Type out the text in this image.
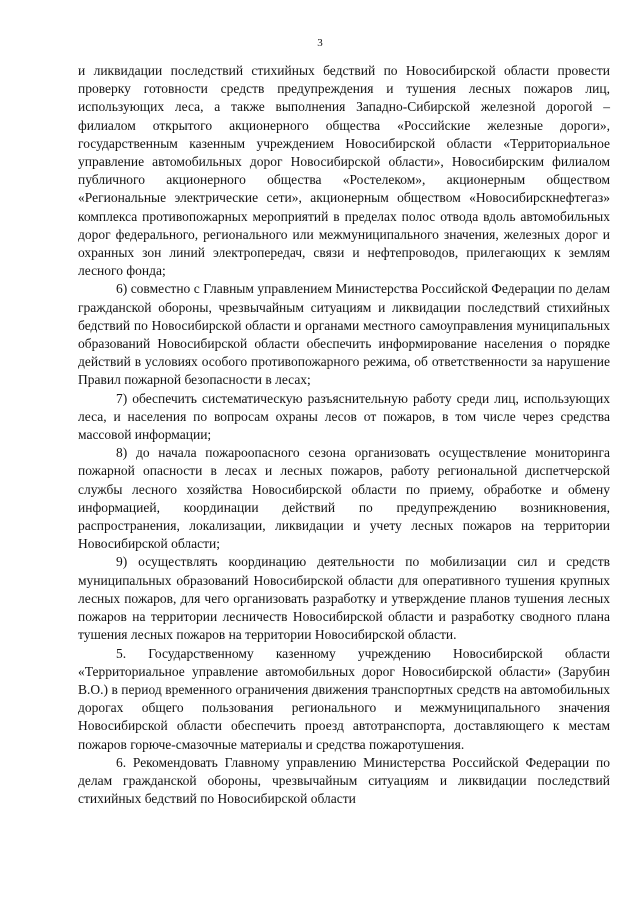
3

и ликвидации последствий стихийных бедствий по Новосибирской области провести проверку готовности средств предупреждения и тушения лесных пожаров лиц, использующих леса, а также выполнения Западно-Сибирской железной дорогой – филиалом открытого акционерного общества «Российские железные дороги», государственным казенным учреждением Новосибирской области «Территориальное управление автомобильных дорог Новосибирской области», Новосибирским филиалом публичного акционерного общества «Ростелеком», акционерным обществом «Региональные электрические сети», акционерным обществом «Новосибирскнефтегаз» комплекса противопожарных мероприятий в пределах полос отвода вдоль автомобильных дорог федерального, регионального или межмуниципального значения, железных дорог и охранных зон линий электропередач, связи и нефтепроводов, прилегающих к землям лесного фонда;

6) совместно с Главным управлением Министерства Российской Федерации по делам гражданской обороны, чрезвычайным ситуациям и ликвидации последствий стихийных бедствий по Новосибирской области и органами местного самоуправления муниципальных образований Новосибирской области обеспечить информирование населения о порядке действий в условиях особого противопожарного режима, об ответственности за нарушение Правил пожарной безопасности в лесах;

7) обеспечить систематическую разъяснительную работу среди лиц, использующих леса, и населения по вопросам охраны лесов от пожаров, в том числе через средства массовой информации;

8) до начала пожароопасного сезона организовать осуществление мониторинга пожарной опасности в лесах и лесных пожаров, работу региональной диспетчерской службы лесного хозяйства Новосибирской области по приему, обработке и обмену информацией, координации действий по предупреждению возникновения, распространения, локализации, ликвидации и учету лесных пожаров на территории Новосибирской области;

9) осуществлять координацию деятельности по мобилизации сил и средств муниципальных образований Новосибирской области для оперативного тушения крупных лесных пожаров, для чего организовать разработку и утверждение планов тушения лесных пожаров на территории лесничеств Новосибирской области и разработку сводного плана тушения лесных пожаров на территории Новосибирской области.

5. Государственному казенному учреждению Новосибирской области «Территориальное управление автомобильных дорог Новосибирской области» (Зарубин В.О.) в период временного ограничения движения транспортных средств на автомобильных дорогах общего пользования регионального и межмуниципального значения Новосибирской области обеспечить проезд автотранспорта, доставляющего к местам пожаров горюче-смазочные материалы и средства пожаротушения.

6. Рекомендовать Главному управлению Министерства Российской Федерации по делам гражданской обороны, чрезвычайным ситуациям и ликвидации последствий стихийных бедствий по Новосибирской области
